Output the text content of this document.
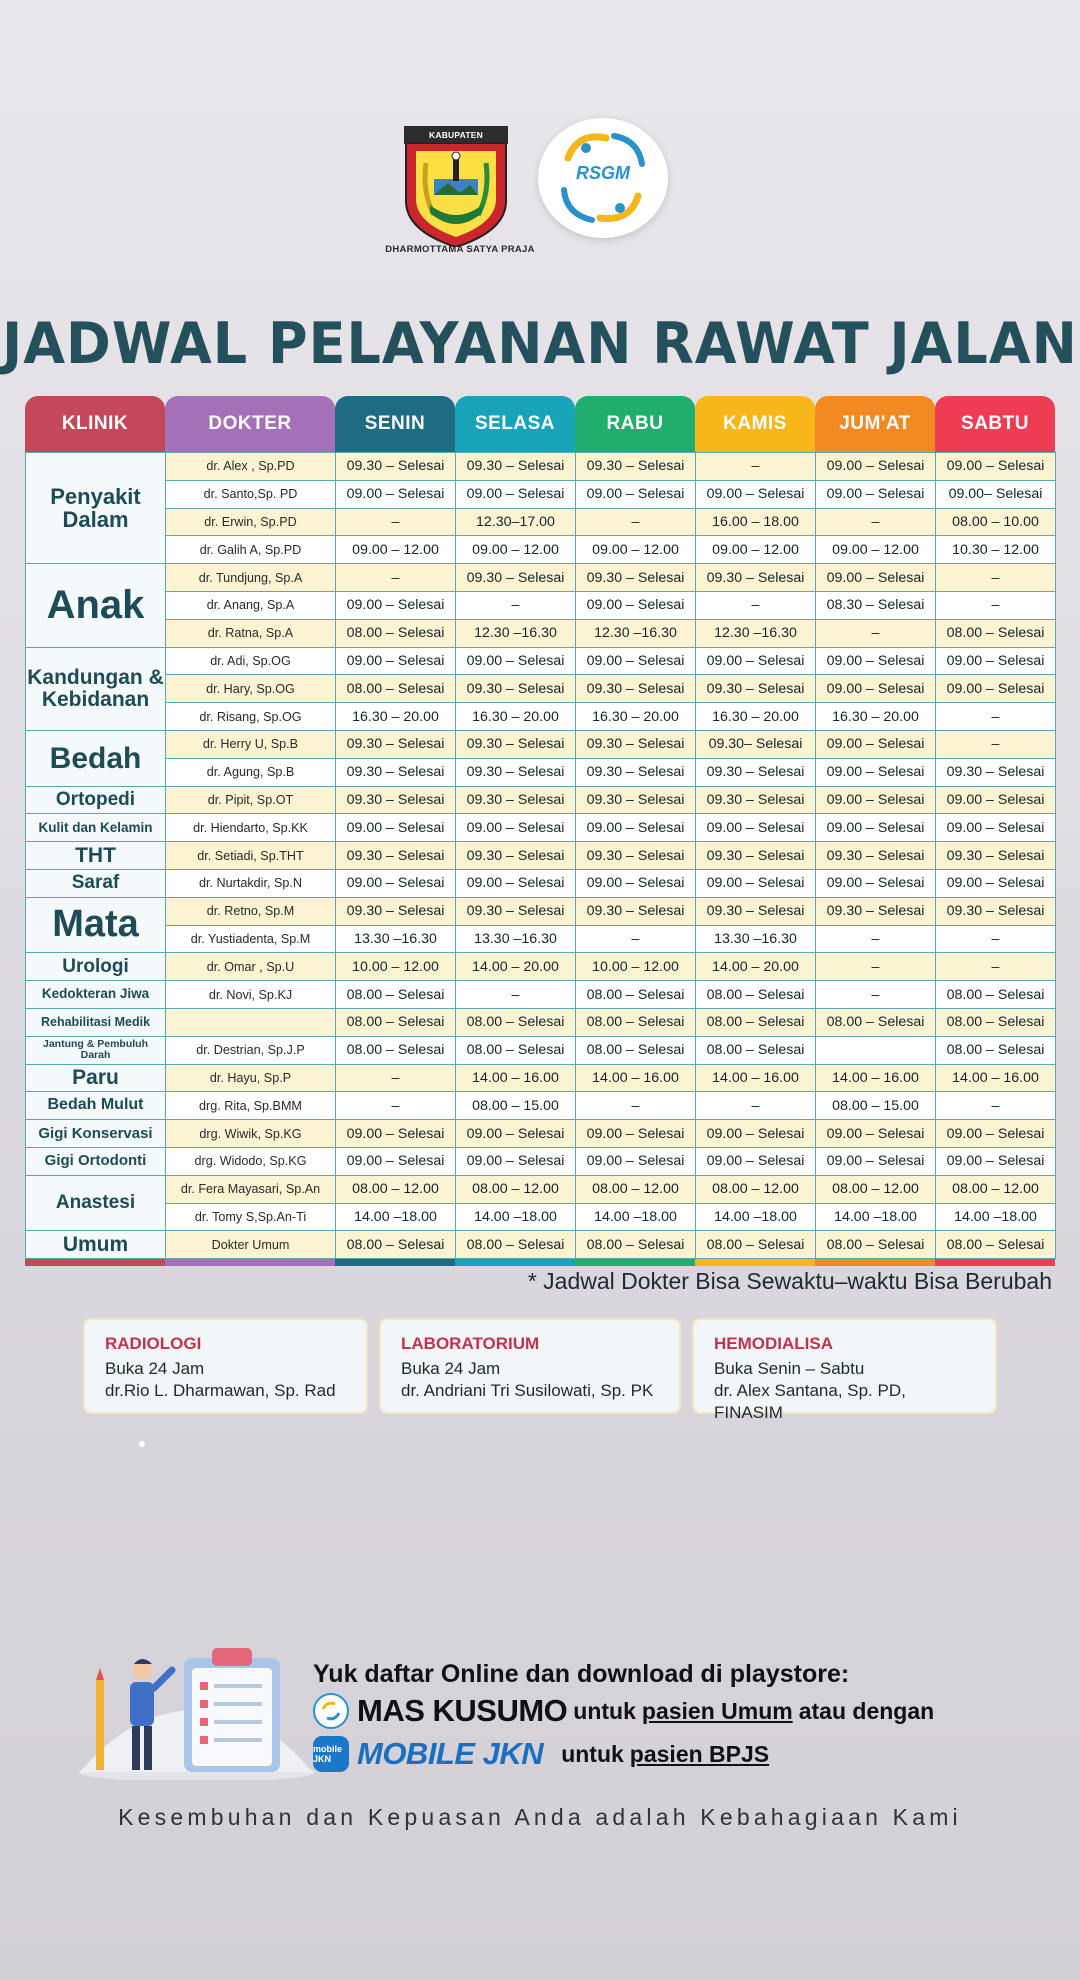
KABUPATEN
DHARMOTTAMA SATYA PRAJA
RSGM
JADWAL PELAYANAN RAWAT JALAN
KLINIK	DOKTER	SENIN	SELASA	RABU	KAMIS	JUM'AT	SABTU
Penyakit Dalam	dr. Alex , Sp.PD	09.30 – Selesai	09.30 – Selesai	09.30 – Selesai	–	09.00 – Selesai	09.00 – Selesai
	dr. Santo,Sp. PD	09.00 – Selesai	09.00 – Selesai	09.00 – Selesai	09.00 – Selesai	09.00 – Selesai	09.00– Selesai
	dr. Erwin, Sp.PD	–	12.30–17.00	–	16.00 – 18.00	–	08.00 – 10.00
	dr. Galih A, Sp.PD	09.00 – 12.00	09.00 – 12.00	09.00 – 12.00	09.00 – 12.00	09.00 – 12.00	10.30 – 12.00
Anak	dr. Tundjung, Sp.A	–	09.30 – Selesai	09.30 – Selesai	09.30 – Selesai	09.00 – Selesai	–
	dr. Anang, Sp.A	09.00 – Selesai	–	09.00 – Selesai	–	08.30 – Selesai	–
	dr. Ratna, Sp.A	08.00 – Selesai	12.30 –16.30	12.30 –16.30	12.30 –16.30	–	08.00 – Selesai
Kandungan & Kebidanan	dr. Adi, Sp.OG	09.00 – Selesai	09.00 – Selesai	09.00 – Selesai	09.00 – Selesai	09.00 – Selesai	09.00 – Selesai
	dr. Hary, Sp.OG	08.00 – Selesai	09.30 – Selesai	09.30 – Selesai	09.30 – Selesai	09.00 – Selesai	09.00 – Selesai
	dr. Risang, Sp.OG	16.30 – 20.00	16.30 – 20.00	16.30 – 20.00	16.30 – 20.00	16.30 – 20.00	–
Bedah	dr. Herry U, Sp.B	09.30 – Selesai	09.30 – Selesai	09.30 – Selesai	09.30– Selesai	09.00 – Selesai	–
	dr. Agung, Sp.B	09.30 – Selesai	09.30 – Selesai	09.30 – Selesai	09.30 – Selesai	09.00 – Selesai	09.30 – Selesai
Ortopedi	dr. Pipit, Sp.OT	09.30 – Selesai	09.30 – Selesai	09.30 – Selesai	09.30 – Selesai	09.00 – Selesai	09.00 – Selesai
Kulit dan Kelamin	dr. Hiendarto, Sp.KK	09.00 – Selesai	09.00 – Selesai	09.00 – Selesai	09.00 – Selesai	09.00 – Selesai	09.00 – Selesai
THT	dr. Setiadi, Sp.THT	09.30 – Selesai	09.30 – Selesai	09.30 – Selesai	09.30 – Selesai	09.30 – Selesai	09.30 – Selesai
Saraf	dr. Nurtakdir, Sp.N	09.00 – Selesai	09.00 – Selesai	09.00 – Selesai	09.00 – Selesai	09.00 – Selesai	09.00 – Selesai
Mata	dr. Retno, Sp.M	09.30 – Selesai	09.30 – Selesai	09.30 – Selesai	09.30 – Selesai	09.30 – Selesai	09.30 – Selesai
	dr. Yustiadenta, Sp.M	13.30 –16.30	13.30 –16.30	–	13.30 –16.30	–	–
Urologi	dr. Omar , Sp.U	10.00 – 12.00	14.00 – 20.00	10.00 – 12.00	14.00 – 20.00	–	–
Kedokteran Jiwa	dr. Novi, Sp.KJ	08.00 – Selesai	–	08.00 – Selesai	08.00 – Selesai	–	08.00 – Selesai
Rehabilitasi Medik		08.00 – Selesai	08.00 – Selesai	08.00 – Selesai	08.00 – Selesai	08.00 – Selesai	08.00 – Selesai
Jantung & Pembuluh Darah	dr. Destrian, Sp.J.P	08.00 – Selesai	08.00 – Selesai	08.00 – Selesai	08.00 – Selesai		08.00 – Selesai
Paru	dr. Hayu, Sp.P	–	14.00 – 16.00	14.00 – 16.00	14.00 – 16.00	14.00 – 16.00	14.00 – 16.00
Bedah Mulut	drg. Rita, Sp.BMM	–	08.00 – 15.00	–	–	08.00 – 15.00	–
Gigi Konservasi	drg. Wiwik, Sp.KG	09.00 – Selesai	09.00 – Selesai	09.00 – Selesai	09.00 – Selesai	09.00 – Selesai	09.00 – Selesai
Gigi Ortodonti	drg. Widodo, Sp.KG	09.00 – Selesai	09.00 – Selesai	09.00 – Selesai	09.00 – Selesai	09.00 – Selesai	09.00 – Selesai
Anastesi	dr. Fera Mayasari, Sp.An	08.00 – 12.00	08.00 – 12.00	08.00 – 12.00	08.00 – 12.00	08.00 – 12.00	08.00 – 12.00
	dr. Tomy S,Sp.An-Ti	14.00 –18.00	14.00 –18.00	14.00 –18.00	14.00 –18.00	14.00 –18.00	14.00 –18.00
Umum	Dokter Umum	08.00 – Selesai	08.00 – Selesai	08.00 – Selesai	08.00 – Selesai	08.00 – Selesai	08.00 – Selesai
* Jadwal Dokter Bisa Sewaktu–waktu Bisa Berubah
RADIOLOGI
Buka 24 Jam
dr.Rio L. Dharmawan, Sp. Rad
LABORATORIUM
Buka 24 Jam
dr. Andriani Tri Susilowati, Sp. PK
HEMODIALISA
Buka Senin – Sabtu
dr. Alex Santana, Sp. PD, FINASIM
Yuk daftar Online dan download di playstore:
MAS KUSUMO untuk pasien Umum atau dengan
mobile JKN MOBILE JKN untuk pasien BPJS
Kesembuhan dan Kepuasan Anda adalah Kebahagiaan Kami
